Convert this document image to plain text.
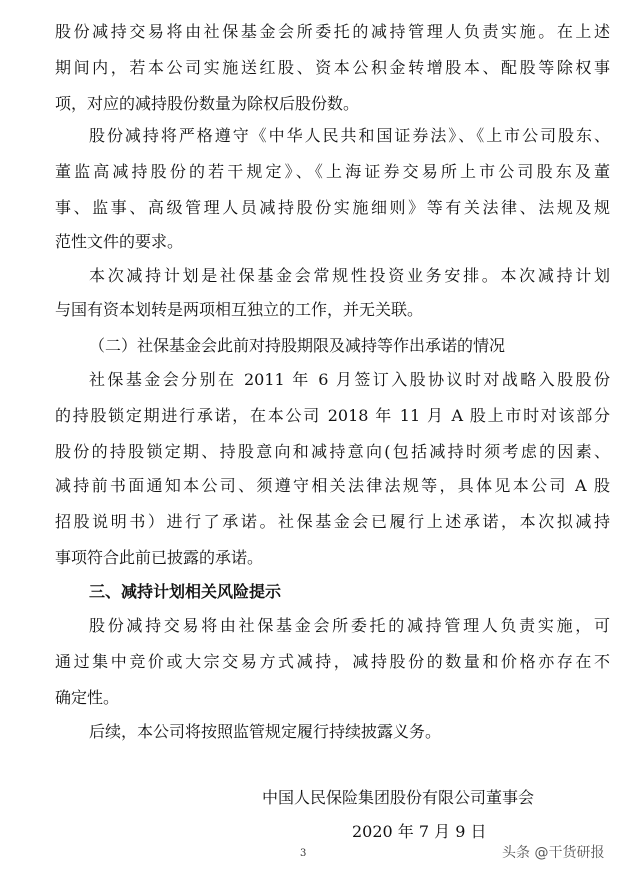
股份减持交易将由社保基金会所委托的减持管理人负责实施。在上述
期间内，若本公司实施送红股、资本公积金转增股本、配股等除权事
项，对应的减持股份数量为除权后股份数。
股份减持将严格遵守《中华人民共和国证券法》、《上市公司股东、
董监高减持股份的若干规定》、《上海证券交易所上市公司股东及董
事、监事、高级管理人员减持股份实施细则》等有关法律、法规及规
范性文件的要求。
本次减持计划是社保基金会常规性投资业务安排。本次减持计划
与国有资本划转是两项相互独立的工作，并无关联。
（二）社保基金会此前对持股期限及减持等作出承诺的情况
社保基金会分别在 2011 年 6 月签订入股协议时对战略入股股份
的持股锁定期进行承诺，在本公司 2018 年 11 月 A 股上市时对该部分
股份的持股锁定期、持股意向和减持意向(包括减持时须考虑的因素、
减持前书面通知本公司、须遵守相关法律法规等，具体见本公司 A 股
招股说明书）进行了承诺。社保基金会已履行上述承诺，本次拟减持
事项符合此前已披露的承诺。
三、减持计划相关风险提示
股份减持交易将由社保基金会所委托的减持管理人负责实施，可
通过集中竞价或大宗交易方式减持，减持股份的数量和价格亦存在不
确定性。
后续，本公司将按照监管规定履行持续披露义务。
中国人民保险集团股份有限公司董事会
2020 年 7 月 9 日
3	头条 @干货研报
